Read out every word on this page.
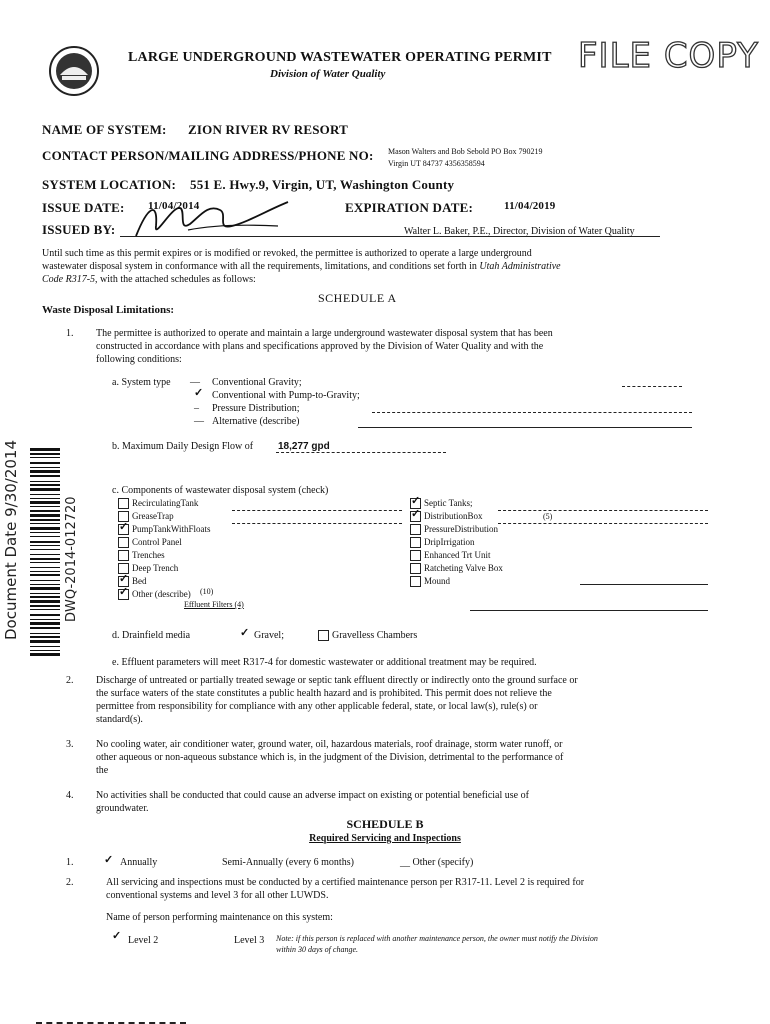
LARGE UNDERGROUND WASTEWATER OPERATING PERMIT
Division of Water Quality	FILE COPY
NAME OF SYSTEM: ZION RIVER RV RESORT
CONTACT PERSON/MAILING ADDRESS/PHONE NO: Mason Walters and Bob Sebold PO Box 790219
Virgin UT 84737 4356358594
SYSTEM LOCATION: 551 E. Hwy.9, Virgin, UT, Washington County
ISSUE DATE: 11/04/2014	EXPIRATION DATE:	11/04/2019
ISSUED BY:	Walter L. Baker, P.E., Director, Division of Water Quality
Until such time as this permit expires or is modified or revoked, the permittee is authorized to operate a large underground
wastewater disposal system in conformance with all the requirements, limitations, and conditions set forth in Utah Administrative
Code R317-5, with the attached schedules as follows:
SCHEDULE A
Waste Disposal Limitations:
1. The permittee is authorized to operate and maintain a large underground wastewater disposal system that has been
constructed in accordance with plans and specifications approved by the Division of Water Quality and with the
following conditions:
a. System type — Conventional Gravity;
✓ Conventional with Pump-to-Gravity;
– Pressure Distribution;
— Alternative (describe)
b. Maximum Daily Design Flow of 18,277 gpd
c. Components of wastewater disposal system (check)
RecirculatingTank
GreaseTrap
✓PumpTankWithFloats
Control Panel
Trenches
Deep Trench
✓Bed
✓Other (describe)
✓Septic Tanks;
✓DistributionBox
PressureDistribution
DripIrrigation
Enhanced Trt Unit
Ratcheting Valve Box
Mound
(10)
Effluent Filters (4)
(5)
d. Drainfield media	✓ Gravel;	Gravelless Chambers
e. Effluent parameters will meet R317-4 for domestic wastewater or additional treatment may be required.
2. Discharge of untreated or partially treated sewage or septic tank effluent directly or indirectly onto the ground surface or
the surface waters of the state constitutes a public health hazard and is prohibited. This permit does not relieve the
permittee from responsibility for compliance with any other applicable federal, state, or local law(s), rule(s) or
standard(s).
3. No cooling water, air conditioner water, ground water, oil, hazardous materials, roof drainage, storm water runoff, or
other aqueous or non-aqueous substance which is, in the judgment of the Division, detrimental to the performance of
the
4. No activities shall be conducted that could cause an adverse impact on existing or potential beneficial use of
groundwater.
SCHEDULE B
Required Servicing and Inspections
1.	✓ Annually	Semi-Annually (every 6 months)	__ Other (specify)
2.	All servicing and inspections must be conducted by a certified maintenance person per R317-11. Level 2 is required for
conventional systems and level 3 for all other LUWDS.
Name of person performing maintenance on this system:
✓ Level 2	Level 3 Note: if this person is replaced with another maintenance person, the owner must notify the Division
within 30 days of change.
Document Date 9/30/2014	DWQ-2014-012720
